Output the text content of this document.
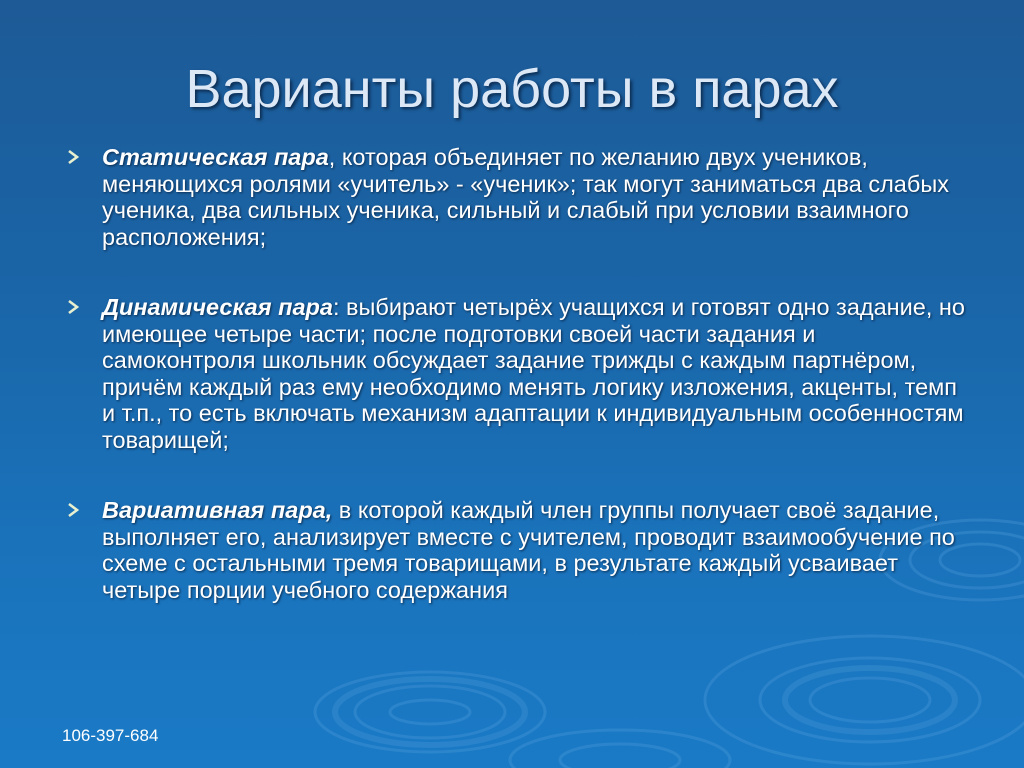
Варианты работы в парах
Статическая пара, которая объединяет по желанию двух учеников, меняющихся ролями «учитель» - «ученик»; так могут заниматься два слабых ученика, два сильных ученика, сильный и слабый при условии взаимного расположения;
Динамическая пара: выбирают четырёх учащихся и готовят одно задание, но имеющее четыре части; после подготовки своей части задания и самоконтроля школьник обсуждает задание трижды с каждым партнёром, причём каждый раз ему необходимо менять логику изложения, акценты, темп и т.п., то есть включать механизм адаптации к индивидуальным особенностям товарищей;
Вариативная пара, в которой каждый член группы получает своё задание, выполняет его, анализирует вместе с учителем, проводит взаимообучение по схеме с остальными тремя товарищами, в результате каждый усваивает четыре порции учебного содержания
106-397-684
